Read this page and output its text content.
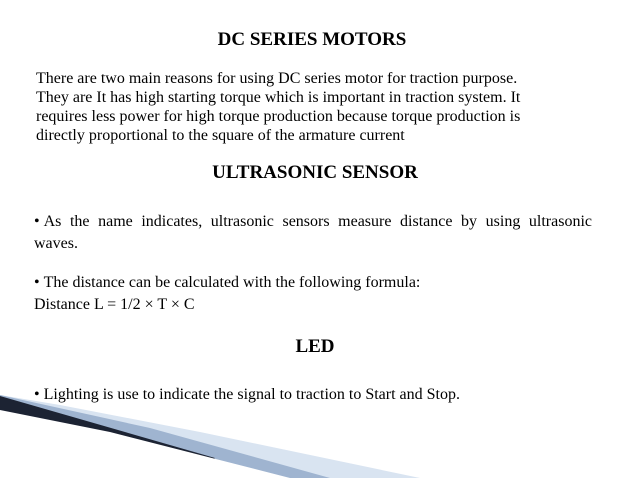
DC SERIES MOTORS
There are two main reasons for using DC series motor for traction purpose.
They are It has high starting torque which is important in traction system. It
requires less power for high torque production because torque production is
directly proportional to the square of the armature current
ULTRASONIC SENSOR
• As the name indicates, ultrasonic sensors measure distance by using ultrasonic waves.
• The distance can be calculated with the following formula:
Distance L = 1/2 × T × C
LED
• Lighting is use to indicate the signal to traction to Start and Stop.
